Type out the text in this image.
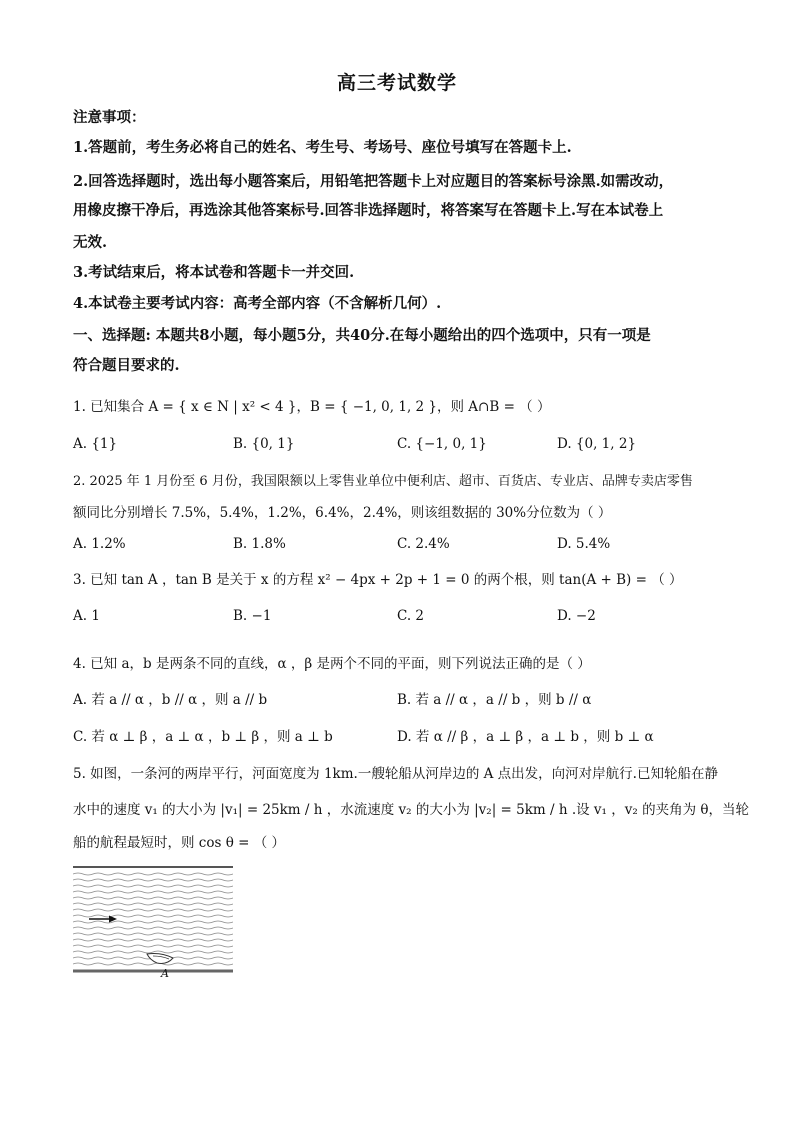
高三考试数学
注意事项：
1.答题前，考生务必将自己的姓名、考生号、考场号、座位号填写在答题卡上.
2.回答选择题时，选出每小题答案后，用铅笔把答题卡上对应题目的答案标号涂黑.如需改动，
用橡皮擦干净后，再选涂其他答案标号.回答非选择题时，将答案写在答题卡上.写在本试卷上
无效.
3.考试结束后，将本试卷和答题卡一并交回.
4.本试卷主要考试内容：高考全部内容（不含解析几何）.
一、选择题: 本题共8小题，每小题5分，共40分.在每小题给出的四个选项中，只有一项是
符合题目要求的.
1. 已知集合 A = { x ∈ N | x² < 4 }，B = { −1, 0, 1, 2 }，则 A∩B = （ ）
A. {1}	B. {0, 1}	C. {−1, 0, 1}	D. {0, 1, 2}
2. 2025 年 1 月份至 6 月份，我国限额以上零售业单位中便利店、超市、百货店、专业店、品牌专卖店零售
额同比分别增长 7.5%，5.4%，1.2%，6.4%，2.4%，则该组数据的 30%分位数为（ ）
A. 1.2%	B. 1.8%	C. 2.4%	D. 5.4%
3. 已知 tan A ，tan B 是关于 x 的方程 x² − 4px + 2p + 1 = 0 的两个根，则 tan(A + B) = （ ）
A. 1	B. −1	C. 2	D. −2
4. 已知 a，b 是两条不同的直线，α ，β 是两个不同的平面，则下列说法正确的是（ ）
A. 若 a // α ，b // α ，则 a // b	B. 若 a // α ，a // b ，则 b // α
C. 若 α ⊥ β ，a ⊥ α ，b ⊥ β ，则 a ⊥ b	D. 若 α // β ，a ⊥ β ，a ⊥ b ，则 b ⊥ α
5. 如图，一条河的两岸平行，河面宽度为 1km.一艘轮船从河岸边的 A 点出发，向河对岸航行.已知轮船在静
水中的速度 v₁ 的大小为 |v₁| = 25km / h ，水流速度 v₂ 的大小为 |v₂| = 5km / h .设 v₁ ，v₂ 的夹角为 θ，当轮
船的航程最短时，则 cos θ = （ ）
A
